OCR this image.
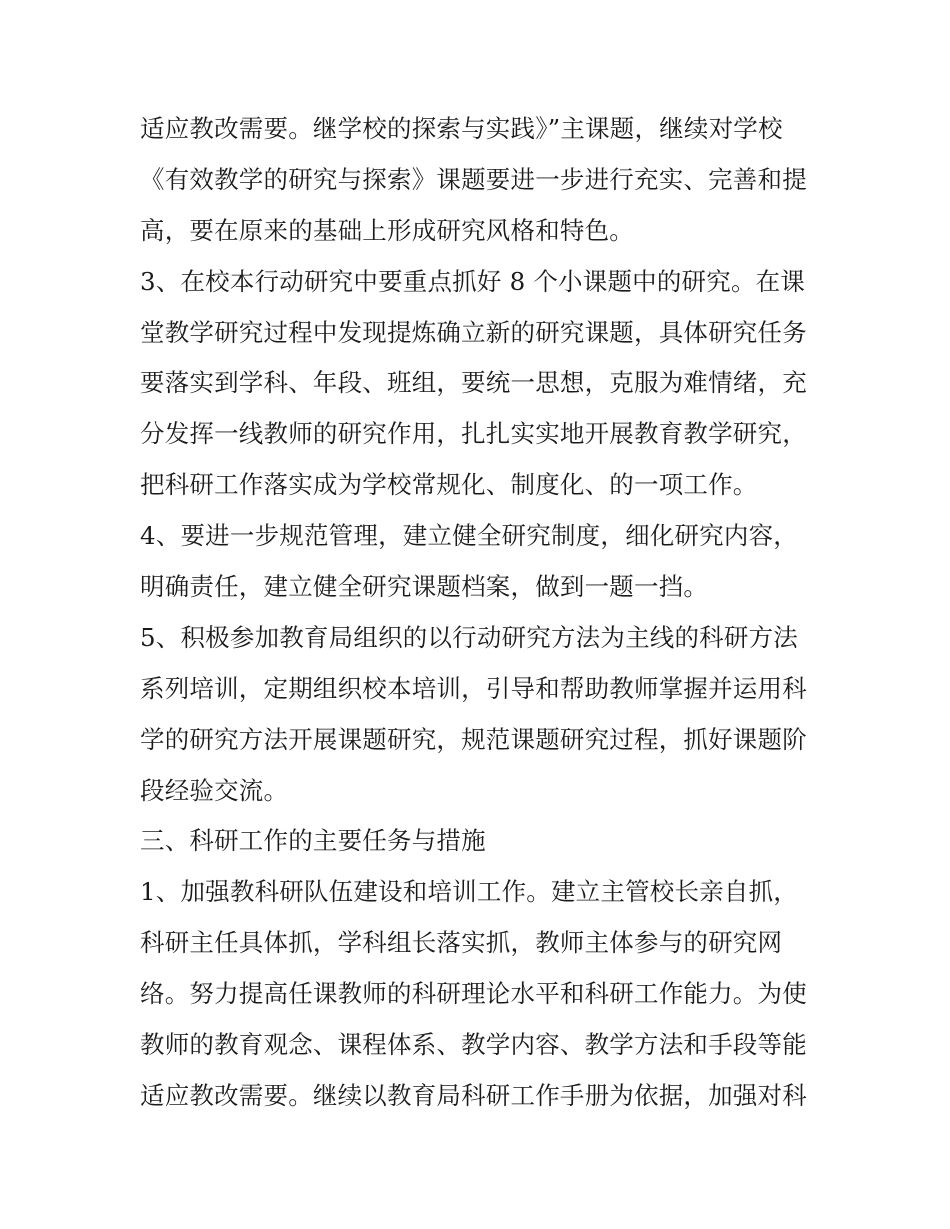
适应教改需要。继学校的探索与实践》”主课题，继续对学校
《有效教学的研究与探索》课题要进一步进行充实、完善和提
高，要在原来的基础上形成研究风格和特色。
3、在校本行动研究中要重点抓好 8 个小课题中的研究。在课
堂教学研究过程中发现提炼确立新的研究课题，具体研究任务
要落实到学科、年段、班组，要统一思想，克服为难情绪，充
分发挥一线教师的研究作用，扎扎实实地开展教育教学研究，
把科研工作落实成为学校常规化、制度化、的一项工作。
4、要进一步规范管理，建立健全研究制度，细化研究内容，
明确责任，建立健全研究课题档案，做到一题一挡。
5、积极参加教育局组织的以行动研究方法为主线的科研方法
系列培训，定期组织校本培训，引导和帮助教师掌握并运用科
学的研究方法开展课题研究，规范课题研究过程，抓好课题阶
段经验交流。
三、科研工作的主要任务与措施
1、加强教科研队伍建设和培训工作。建立主管校长亲自抓，
科研主任具体抓，学科组长落实抓，教师主体参与的研究网
络。努力提高任课教师的科研理论水平和科研工作能力。为使
教师的教育观念、课程体系、教学内容、教学方法和手段等能
适应教改需要。继续以教育局科研工作手册为依据，加强对科
